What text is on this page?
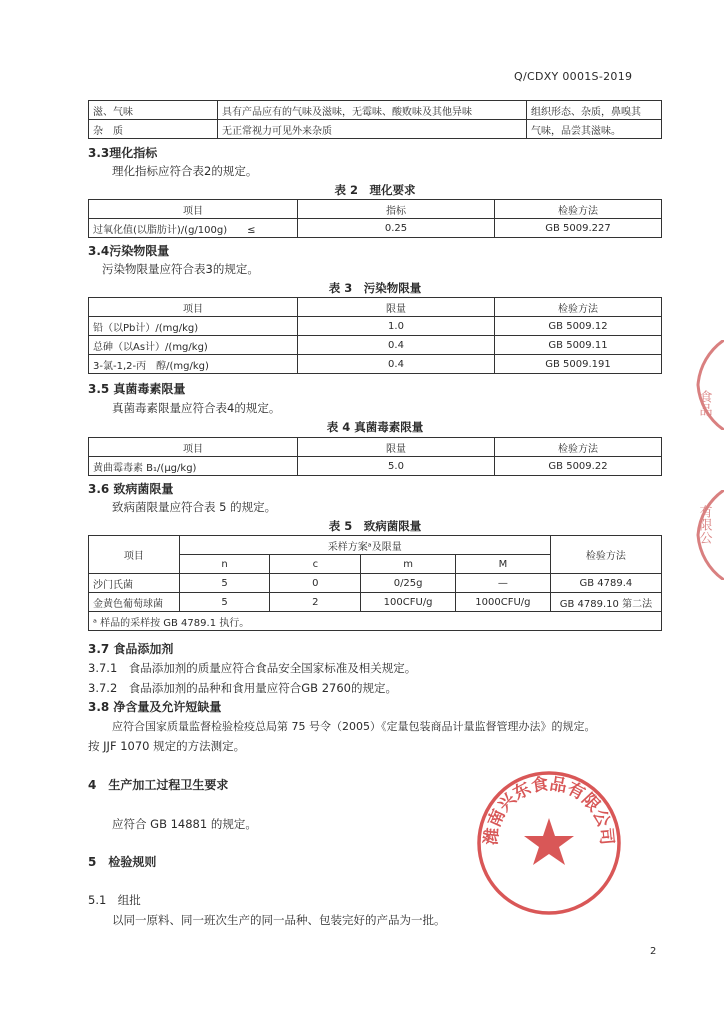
Q/CDXY 0001S-2019
滋、气味	具有产品应有的气味及滋味，无霉味、酸败味及其他异味	组织形态、杂质，鼻嗅其
杂　质	无正常视力可见外来杂质	气味，品尝其滋味。
3.3理化指标
理化指标应符合表2的规定。
表 2　理化要求
项目	指标	检验方法
过氧化值(以脂肪计)/(g/100g)　　≤	0.25	GB 5009.227
3.4污染物限量
污染物限量应符合表3的规定。
表 3　污染物限量
项目	限量	检验方法
铅（以Pb计）/(mg/kg)	1.0	GB 5009.12
总砷（以As计）/(mg/kg)	0.4	GB 5009.11
3-氯-1,2-丙　醇/(mg/kg)	0.4	GB 5009.191
3.5 真菌毒素限量
真菌毒素限量应符合表4的规定。
表 4 真菌毒素限量
项目	限量	检验方法
黄曲霉毒素 B₁/(μg/kg)	5.0	GB 5009.22
3.6 致病菌限量
致病菌限量应符合表 5 的规定。
表 5　致病菌限量
项目	采样方案ᵃ及限量				检验方法
	n	c	m	M	
沙门氏菌	5	0	0/25g	—	GB 4789.4
金黄色葡萄球菌	5	2	100CFU/g	1000CFU/g	GB 4789.10 第二法
ᵃ 样品的采样按 GB 4789.1 执行。					
3.7 食品添加剂
3.7.1　食品添加剂的质量应符合食品安全国家标准及相关规定。
3.7.2　食品添加剂的品种和食用量应符合GB 2760的规定。
3.8 净含量及允许短缺量
应符合国家质量监督检验检疫总局第 75 号令（2005）《定量包装商品计量监督管理办法》的规定。
按 JJF 1070 规定的方法测定。
4　生产加工过程卫生要求
应符合 GB 14881 的规定。
5　检验规则
5.1　组批
以同一原料、同一班次生产的同一品种、包装完好的产品为一批。
2
潍南兴东食品有限公司
食品
有限公
